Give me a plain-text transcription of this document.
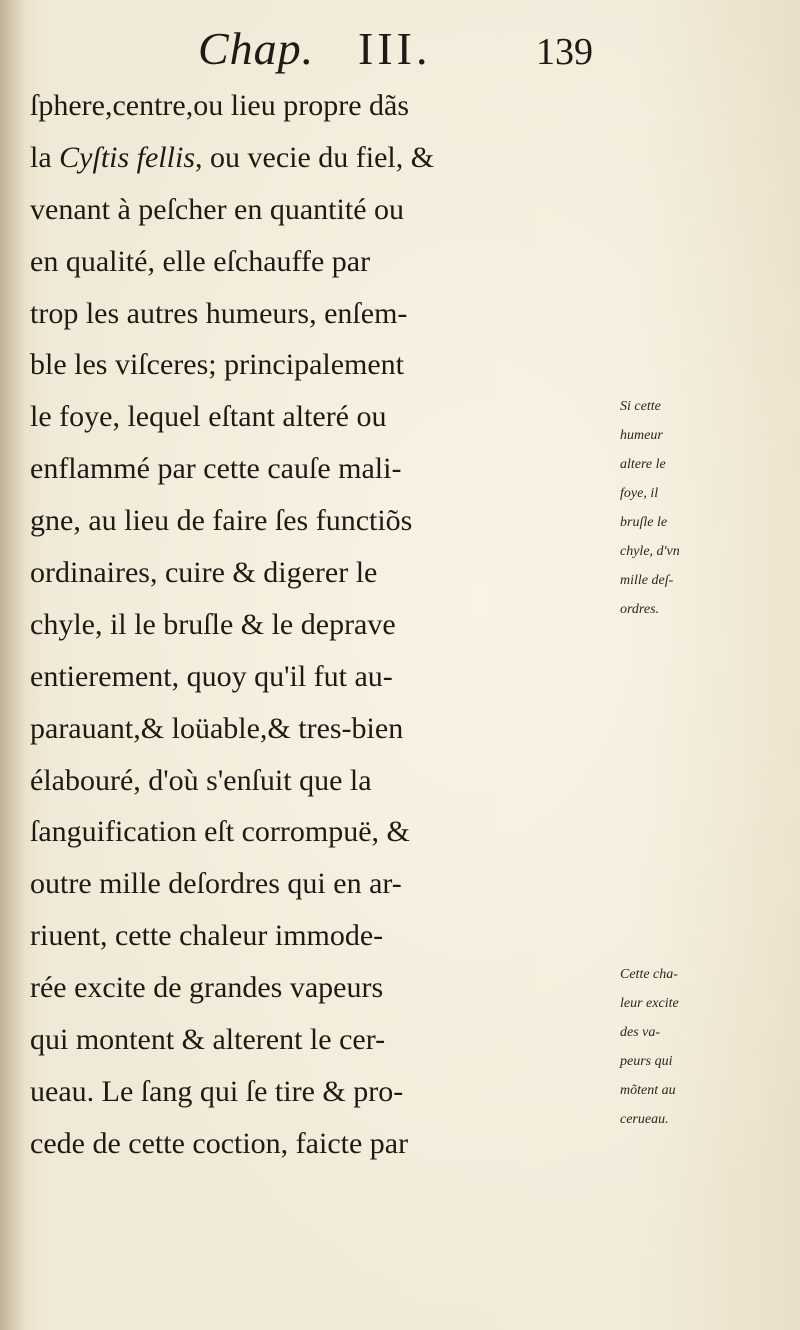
Chap. III.	139
ſphere,centre,ou lieu propre dãs
la Cyſtis fellis, ou vecie du fiel, &
venant à peſcher en quantité ou
en qualité, elle eſchauffe par
trop les autres humeurs, enſem-
ble les viſceres; principalement
le foye, lequel eſtant alteré ou
enflammé par cette cauſe mali-
gne, au lieu de faire ſes functiõs
ordinaires, cuire & digerer le
chyle, il le bruſle & le deprave
entierement, quoy qu'il fut au-
parauant,& loüable,& tres-bien
élabouré, d'où s'enſuit que la
ſanguification eſt corrompuë, &
outre mille deſordres qui en ar-
riuent, cette chaleur immode-
rée excite de grandes vapeurs
qui montent & alterent le cer-
ueau. Le ſang qui ſe tire & pro-
cede de cette coction, faicte par
Si cette
humeur
altere le
foye, il
bruſle le
chyle, d'vn
mille deſ-
ordres.
Cette cha-
leur excite
des va-
peurs qui
mõtent au
cerueau.
